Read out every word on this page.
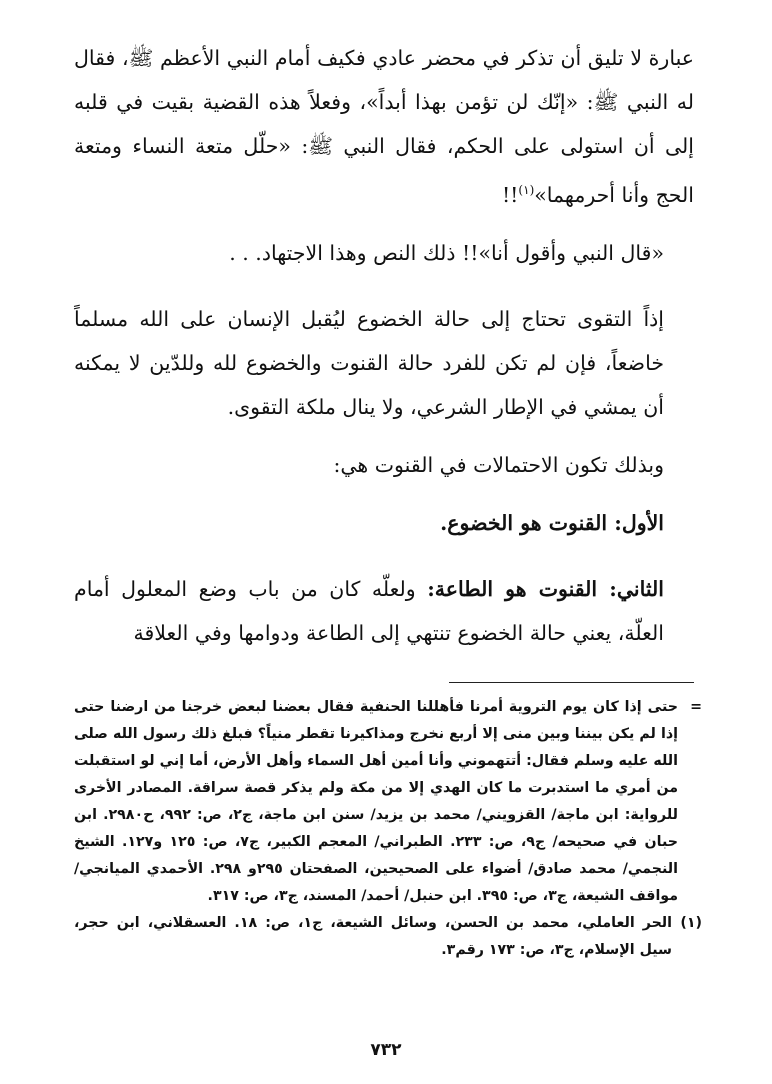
عبارة لا تليق أن تذكر في محضر عادي فكيف أمام النبي الأعظم ﷺ، فقال له النبي ﷺ: «إنّك لن تؤمن بهذا أبداً»، وفعلاً هذه القضية بقيت في قلبه إلى أن استولى على الحكم، فقال النبي ﷺ: «حلّل متعة النساء ومتعة الحج وأنا أحرمهما»$^{(١)}$!!

«قال النبي وأقول أنا»!! ذلك النص وهذا الاجتهاد. . .

إذاً التقوى تحتاج إلى حالة الخضوع ليُقبل الإنسان على الله مسلماً خاضعاً، فإن لم تكن للفرد حالة القنوت والخضوع لله وللدّين لا يمكنه أن يمشي في الإطار الشرعي، ولا ينال ملكة التقوى.

وبذلك تكون الاحتمالات في القنوت هي:

الأول: القنوت هو الخضوع.

الثاني: القنوت هو الطاعة: ولعلّه كان من باب وضع المعلول أمام العلّة، يعني حالة الخضوع تنتهي إلى الطاعة ودوامها وفي العلاقة

=
حتى إذا كان يوم التروية أمرنا فأهللنا الحنفية فقال بعضنا لبعض خرجنا من ارضنا حتى إذا لم يكن بيننا وبين منى إلا أربع نخرج ومذاكيرنا تقطر منياً؟ فبلغ ذلك رسول الله صلى الله عليه وسلم فقال: أتتهموني وأنا أمين أهل السماء وأهل الأرض، أما إني لو استقبلت من أمري ما استدبرت ما كان الهدي إلا من مكة ولم يذكر قصة سراقة. المصادر الأخرى للرواية: ابن ماجة/ القزويني/ محمد بن يزيد/ سنن ابن ماجة، ج٢، ص: ٩٩٢، ح٢٩٨٠. ابن حبان في صحيحه/ ج٩، ص: ٢٣٣. الطبراني/ المعجم الكبير، ج٧، ص: ١٢٥ و١٢٧. الشيخ النجمي/ محمد صادق/ أضواء على الصحيحين، الصفحتان ٢٩٥و ٢٩٨. الأحمدي الميانجي/ مواقف الشيعة، ج٣، ص: ٣٩٥. ابن حنبل/ أحمد/ المسند، ج٣، ص: ٣١٧.

(١)
الحر العاملي، محمد بن الحسن، وسائل الشيعة، ج١، ص: ١٨. العسقلاني، ابن حجر، سيل الإسلام، ج٣، ص: ١٧٣ رقم٣.

٧٣٢
